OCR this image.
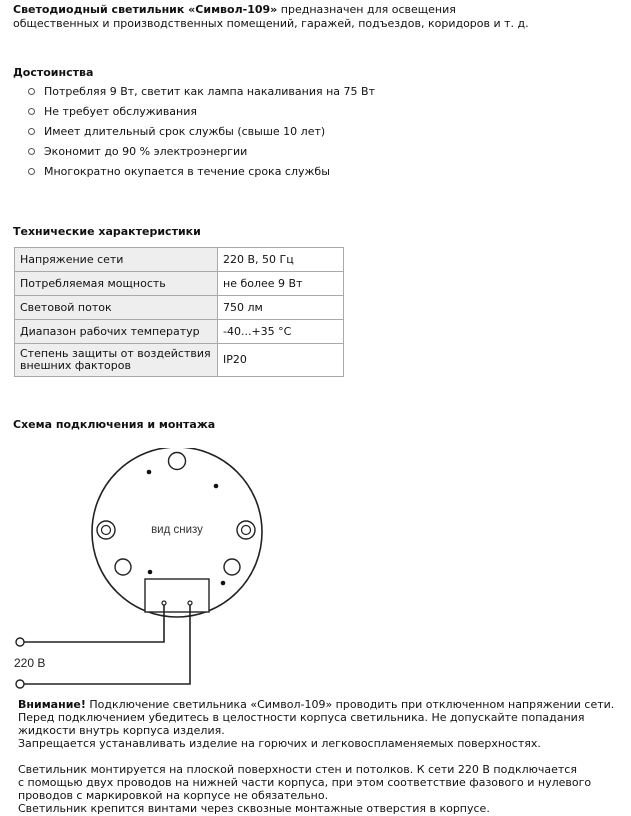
Светодиодный светильник «Символ-109» предназначен для освещения
общественных и производственных помещений, гаражей, подъездов, коридоров и т. д.
Достоинства
Потребляя 9 Вт, светит как лампа накаливания на 75 Вт
Не требует обслуживания
Имеет длительный срок службы (свыше 10 лет)
Экономит до 90 % электроэнергии
Многократно окупается в течение срока службы
Технические характеристики
Напряжение сети	220 В, 50 Гц
Потребляемая мощность	не более 9 Вт
Световой поток	750 лм
Диапазон рабочих температур	-40...+35 °С
Степень защиты от воздействия
внешних факторов	IP20
Схема подключения и монтажа
вид снизу
220 В

Внимание! Подключение светильника «Символ-109» проводить при отключенном напряжении сети.

Перед подключением убедитесь в целостности корпуса светильника. Не допускайте попадания

жидкости внутрь корпуса изделия.

Запрещается устанавливать изделие на горючих и легковоспламеняемых поверхностях.

Светильник монтируется на плоской поверхности стен и потолков. К сети 220 В подключается

с помощью двух проводов на нижней части корпуса, при этом соответствие фазового и нулевого

проводов с маркировкой на корпусе не обязательно.

Светильник крепится винтами через сквозные монтажные отверстия в корпусе.
